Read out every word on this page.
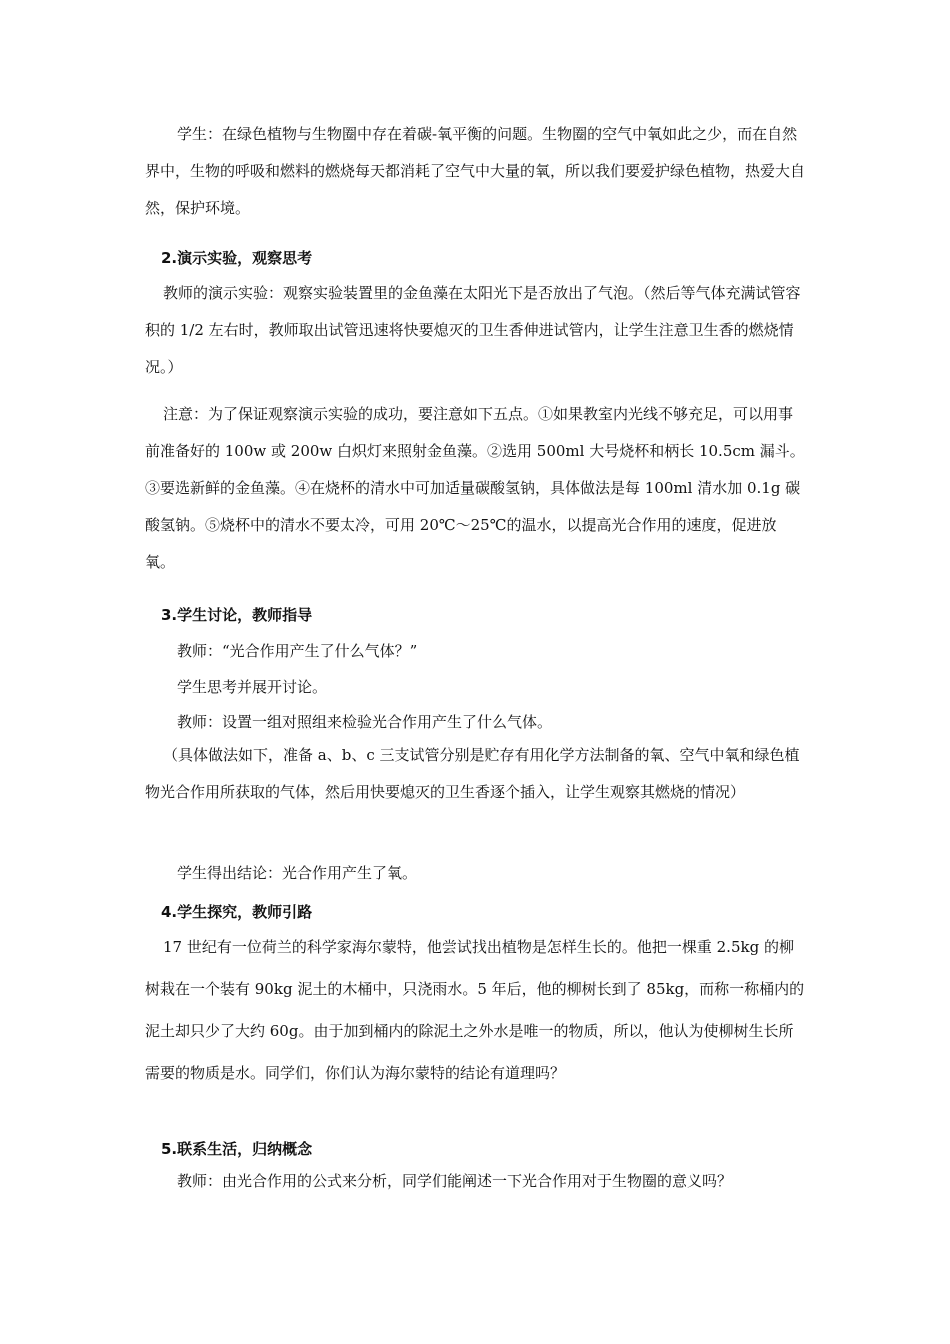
学生：在绿色植物与生物圈中存在着碳-氧平衡的问题。生物圈的空气中氧如此之少，而在自然界中，生物的呼吸和燃料的燃烧每天都消耗了空气中大量的氧，所以我们要爱护绿色植物，热爱大自然，保护环境。

2.演示实验，观察思考

教师的演示实验：观察实验装置里的金鱼藻在太阳光下是否放出了气泡。（然后等气体充满试管容积的 1/2 左右时，教师取出试管迅速将快要熄灭的卫生香伸进试管内，让学生注意卫生香的燃烧情况。）

注意：为了保证观察演示实验的成功，要注意如下五点。①如果教室内光线不够充足，可以用事前准备好的 100w 或 200w 白炽灯来照射金鱼藻。②选用 500ml 大号烧杯和柄长 10.5cm 漏斗。③要选新鲜的金鱼藻。④在烧杯的清水中可加适量碳酸氢钠，具体做法是每 100ml 清水加 0.1g 碳酸氢钠。⑤烧杯中的清水不要太冷，可用 20℃～25℃的温水，以提高光合作用的速度，促进放氧。

3.学生讨论，教师指导

教师：“光合作用产生了什么气体？”

学生思考并展开讨论。

教师：设置一组对照组来检验光合作用产生了什么气体。

（具体做法如下，准备 a、b、c 三支试管分别是贮存有用化学方法制备的氧、空气中氧和绿色植物光合作用所获取的气体，然后用快要熄灭的卫生香逐个插入，让学生观察其燃烧的情况）

学生得出结论：光合作用产生了氧。

4.学生探究，教师引路

17 世纪有一位荷兰的科学家海尔蒙特，他尝试找出植物是怎样生长的。他把一棵重 2.5kg 的柳树栽在一个装有 90kg 泥土的木桶中，只浇雨水。5 年后，他的柳树长到了 85kg，而称一称桶内的泥土却只少了大约 60g。由于加到桶内的除泥土之外水是唯一的物质，所以，他认为使柳树生长所需要的物质是水。同学们，你们认为海尔蒙特的结论有道理吗？

5.联系生活，归纳概念

教师：由光合作用的公式来分析，同学们能阐述一下光合作用对于生物圈的意义吗？
